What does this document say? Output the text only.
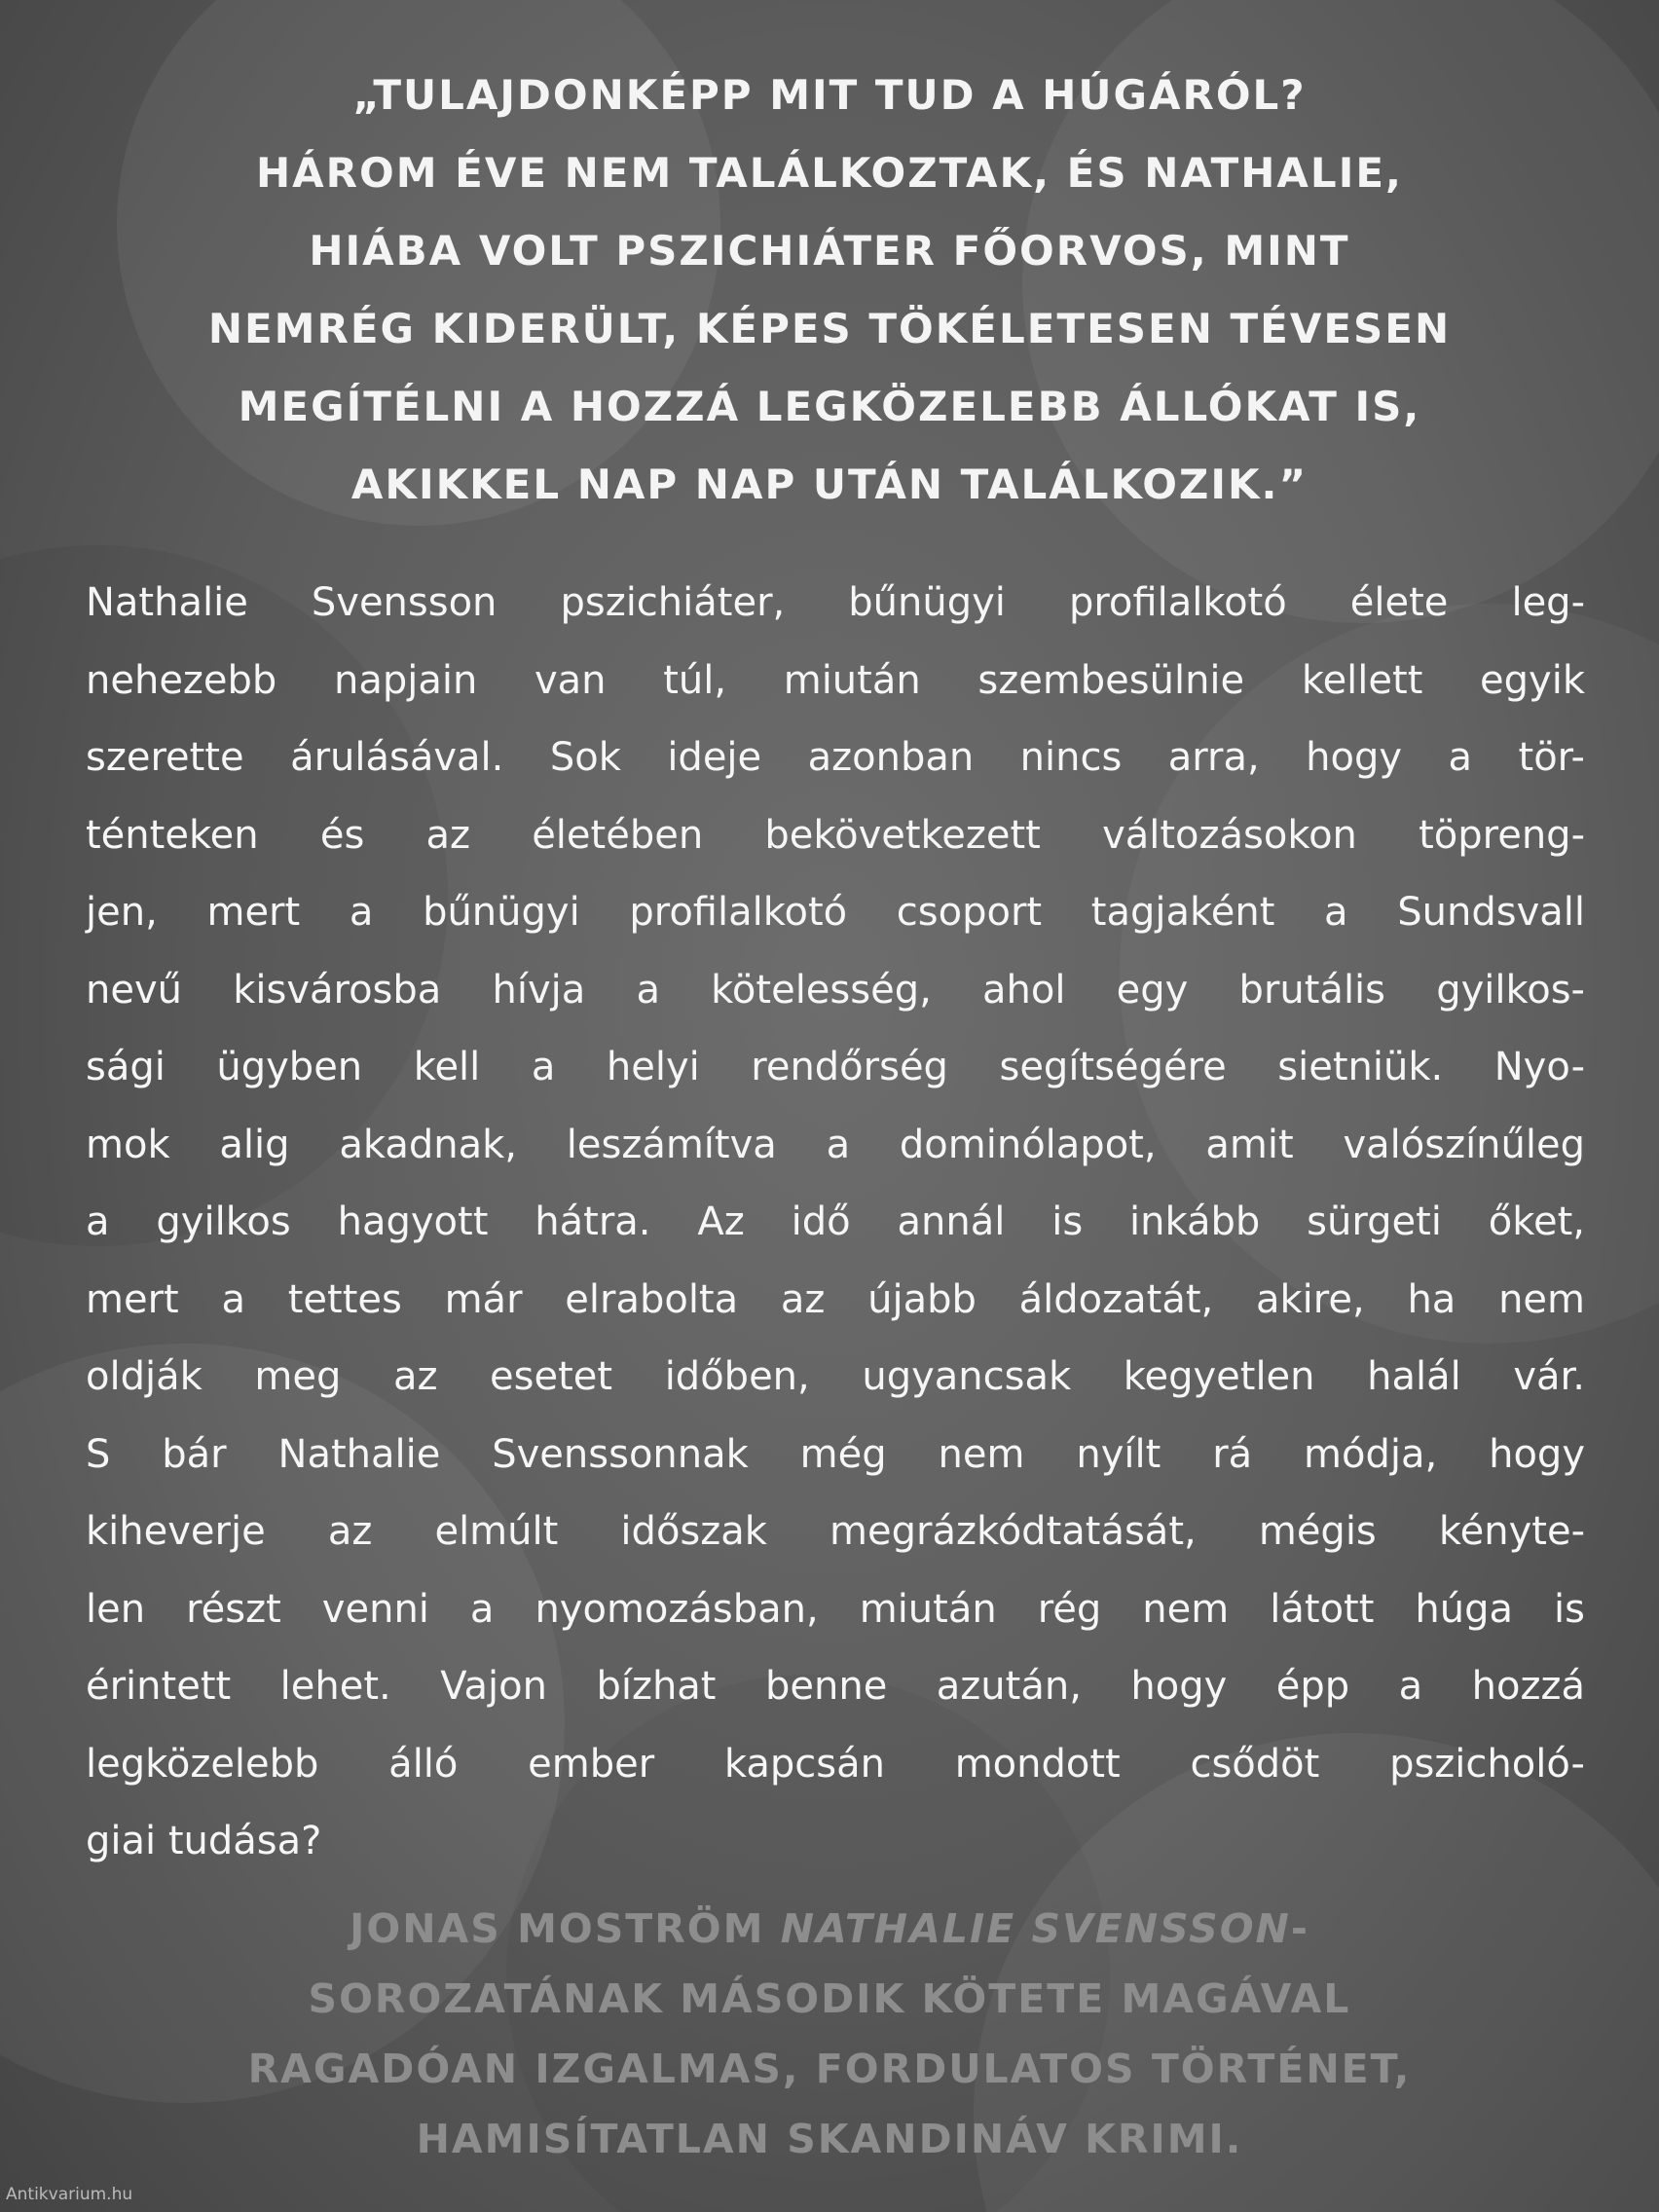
„TULAJDONKÉPP MIT TUD A HÚGÁRÓL?
HÁROM ÉVE NEM TALÁLKOZTAK, ÉS NATHALIE,
HIÁBA VOLT PSZICHIÁTER FŐORVOS, MINT
NEMRÉG KIDERÜLT, KÉPES TÖKÉLETESEN TÉVESEN
MEGÍTÉLNI A HOZZÁ LEGKÖZELEBB ÁLLÓKAT IS,
AKIKKEL NAP NAP UTÁN TALÁLKOZIK.”
Nathalie Svensson pszichiáter, bűnügyi profilalkotó élete leg-
nehezebb napjain van túl, miután szembesülnie kellett egyik
szerette árulásával. Sok ideje azonban nincs arra, hogy a tör-
ténteken és az életében bekövetkezett változásokon töpreng-
jen, mert a bűnügyi profilalkotó csoport tagjaként a Sundsvall
nevű kisvárosba hívja a kötelesség, ahol egy brutális gyilkos-
sági ügyben kell a helyi rendőrség segítségére sietniük. Nyo-
mok alig akadnak, leszámítva a dominólapot, amit valószínűleg
a gyilkos hagyott hátra. Az idő annál is inkább sürgeti őket,
mert a tettes már elrabolta az újabb áldozatát, akire, ha nem
oldják meg az esetet időben, ugyancsak kegyetlen halál vár.
S bár Nathalie Svenssonnak még nem nyílt rá módja, hogy
kiheverje az elmúlt időszak megrázkódtatását, mégis kényte-
len részt venni a nyomozásban, miután rég nem látott húga is
érintett lehet. Vajon bízhat benne azután, hogy épp a hozzá
legközelebb álló ember kapcsán mondott csődöt pszicholó-
giai tudása?
JONAS MOSTRÖM NATHALIE SVENSSON-
SOROZATÁNAK MÁSODIK KÖTETE MAGÁVAL
RAGADÓAN IZGALMAS, FORDULATOS TÖRTÉNET,
HAMISÍTATLAN SKANDINÁV KRIMI.
Antikvarium.hu
